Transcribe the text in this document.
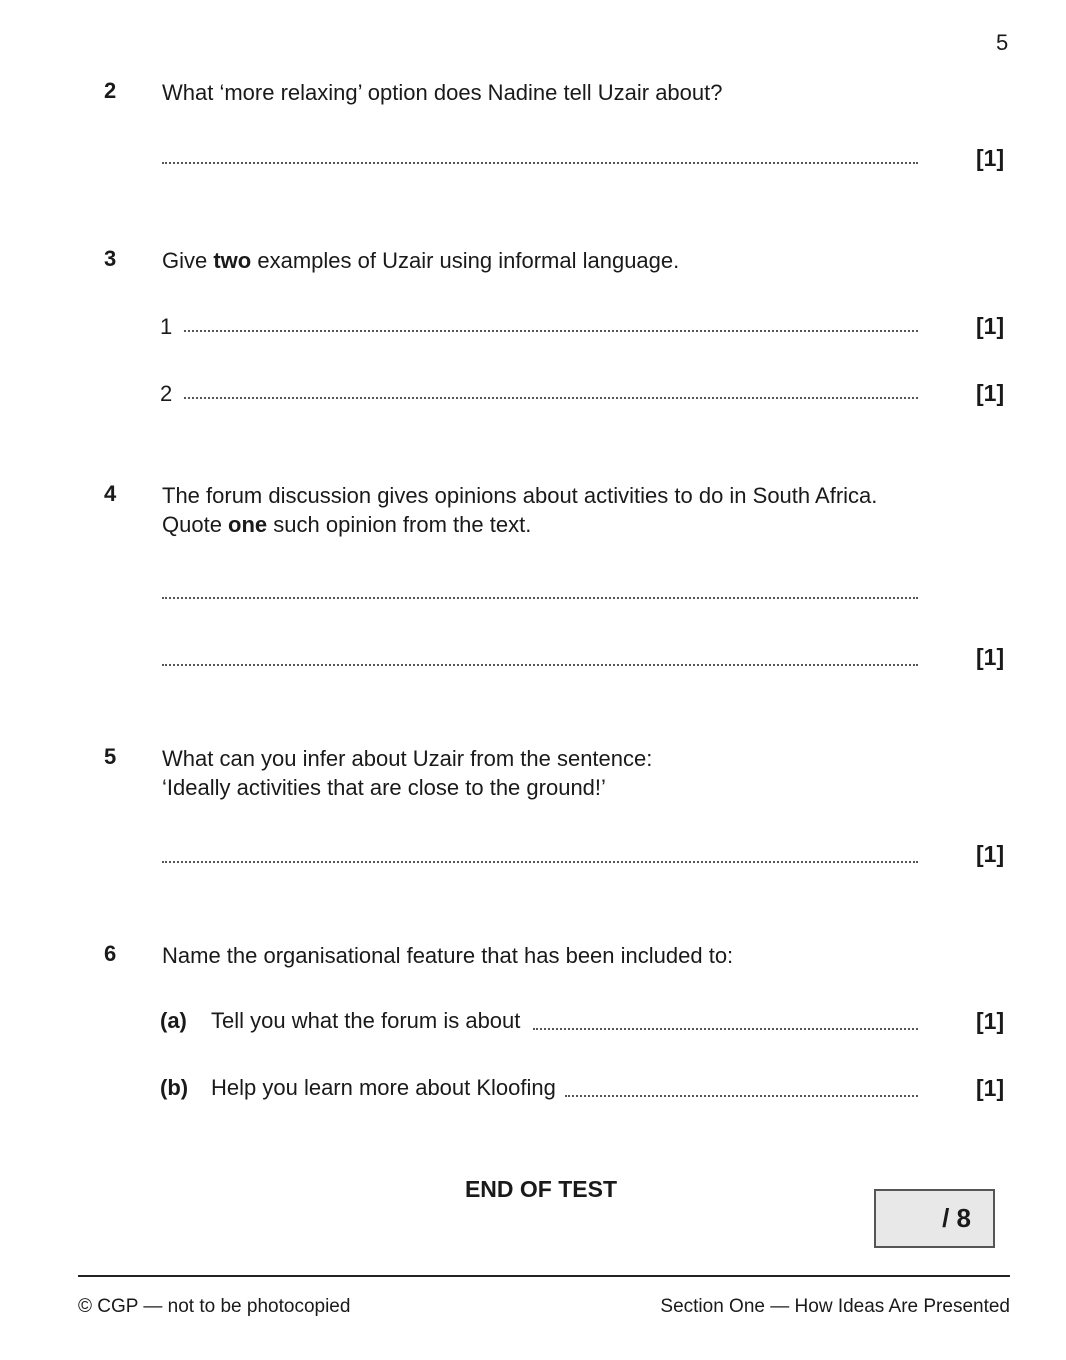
5
2 What ‘more relaxing’ option does Nadine tell Uzair about?
[1]
3 Give two examples of Uzair using informal language.
1	[1]
2	[1]
4 The forum discussion gives opinions about activities to do in South Africa.
Quote one such opinion from the text.
[1]
5 What can you infer about Uzair from the sentence:
‘Ideally activities that are close to the ground!’
[1]
6 Name the organisational feature that has been included to:
(a) Tell you what the forum is about	[1]
(b) Help you learn more about Kloofing	[1]
END OF TEST
/ 8
© CGP — not to be photocopied	Section One — How Ideas Are Presented
